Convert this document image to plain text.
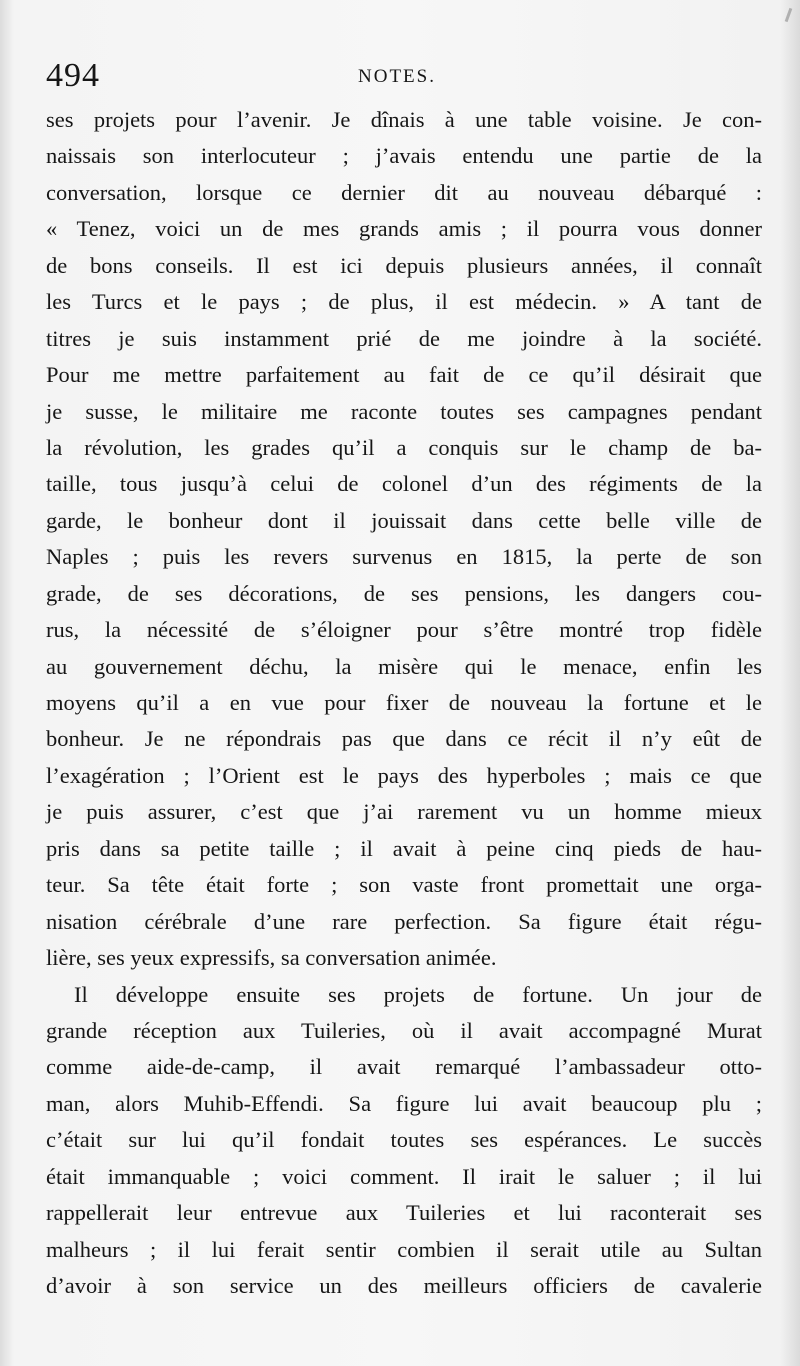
494	NOTES.
ses projets pour l’avenir. Je dînais à une table voisine. Je con-
naissais son interlocuteur ; j’avais entendu une partie de la
conversation, lorsque ce dernier dit au nouveau débarqué :
« Tenez, voici un de mes grands amis ; il pourra vous donner
de bons conseils. Il est ici depuis plusieurs années, il connaît
les Turcs et le pays ; de plus, il est médecin. » A tant de
titres je suis instamment prié de me joindre à la société.
Pour me mettre parfaitement au fait de ce qu’il désirait que
je susse, le militaire me raconte toutes ses campagnes pendant
la révolution, les grades qu’il a conquis sur le champ de ba-
taille, tous jusqu’à celui de colonel d’un des régiments de la
garde, le bonheur dont il jouissait dans cette belle ville de
Naples ; puis les revers survenus en 1815, la perte de son
grade, de ses décorations, de ses pensions, les dangers cou-
rus, la nécessité de s’éloigner pour s’être montré trop fidèle
au gouvernement déchu, la misère qui le menace, enfin les
moyens qu’il a en vue pour fixer de nouveau la fortune et le
bonheur. Je ne répondrais pas que dans ce récit il n’y eût de
l’exagération ; l’Orient est le pays des hyperboles ; mais ce que
je puis assurer, c’est que j’ai rarement vu un homme mieux
pris dans sa petite taille ; il avait à peine cinq pieds de hau-
teur. Sa tête était forte ; son vaste front promettait une orga-
nisation cérébrale d’une rare perfection. Sa figure était régu-
lière, ses yeux expressifs, sa conversation animée.
Il développe ensuite ses projets de fortune. Un jour de
grande réception aux Tuileries, où il avait accompagné Murat
comme aide-de-camp, il avait remarqué l’ambassadeur otto-
man, alors Muhib-Effendi. Sa figure lui avait beaucoup plu ;
c’était sur lui qu’il fondait toutes ses espérances. Le succès
était immanquable ; voici comment. Il irait le saluer ; il lui
rappellerait leur entrevue aux Tuileries et lui raconterait ses
malheurs ; il lui ferait sentir combien il serait utile au Sultan
d’avoir à son service un des meilleurs officiers de cavalerie
